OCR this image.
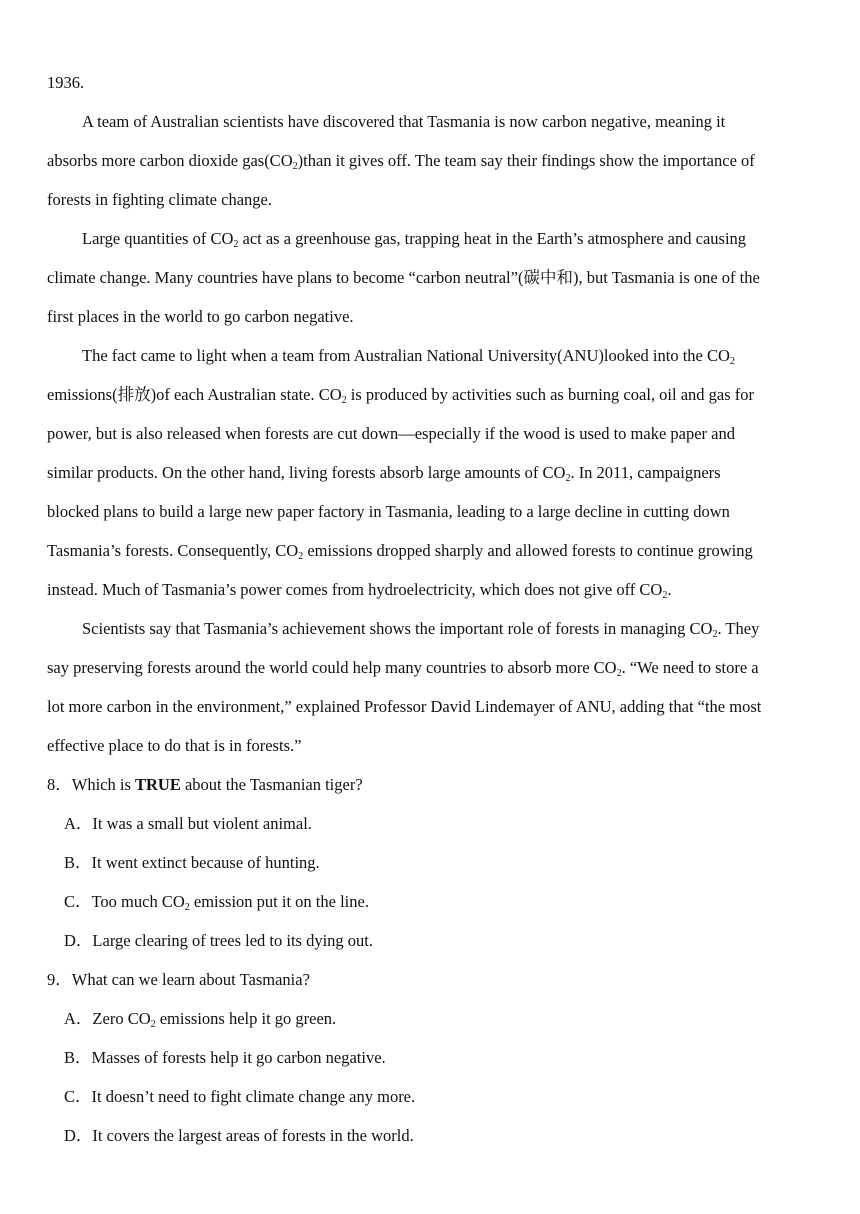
1936.
A team of Australian scientists have discovered that Tasmania is now carbon negative, meaning it
absorbs more carbon dioxide $gas(CO_2)than$ it gives off. The team say their findings show the importance of
forests in fighting climate change.
Large quantities of $CO_2$ act as a greenhouse gas, trapping heat in the Earth’s atmosphere and causing
climate change. Many countries have plans to become “carbon neutral”(碳中和), but Tasmania is one of the
first places in the world to go carbon negative.
The fact came to light when a team from Australian National University(ANU)looked into the $CO_2$
emissions(排放)of each Australian state. $CO_2$ is produced by activities such as burning coal, oil and gas for
power, but is also released when forests are cut down—especially if the wood is used to make paper and
similar products. On the other hand, living forests absorb large amounts of $CO_2$. In 2011, campaigners
blocked plans to build a large new paper factory in Tasmania, leading to a large decline in cutting down
Tasmania’s forests. Consequently, $CO_2$ emissions dropped sharply and allowed forests to continue growing
instead. Much of Tasmania’s power comes from hydroelectricity, which does not give off $CO_2$.
Scientists say that Tasmania’s achievement shows the important role of forests in managing $CO_2$. They
say preserving forests around the world could help many countries to absorb more $CO_2$. “We need to store a
lot more carbon in the environment,” explained Professor David Lindemayer of ANU, adding that “the most
effective place to do that is in forests.”
8．Which is TRUE about the Tasmanian tiger?
A．It was a small but violent animal.
B．It went extinct because of hunting.
C．Too much $CO_2$ emission put it on the line.
D．Large clearing of trees led to its dying out.
9．What can we learn about Tasmania?
A．Zero $CO_2$ emissions help it go green.
B．Masses of forests help it go carbon negative.
C．It doesn’t need to fight climate change any more.
D．It covers the largest areas of forests in the world.
